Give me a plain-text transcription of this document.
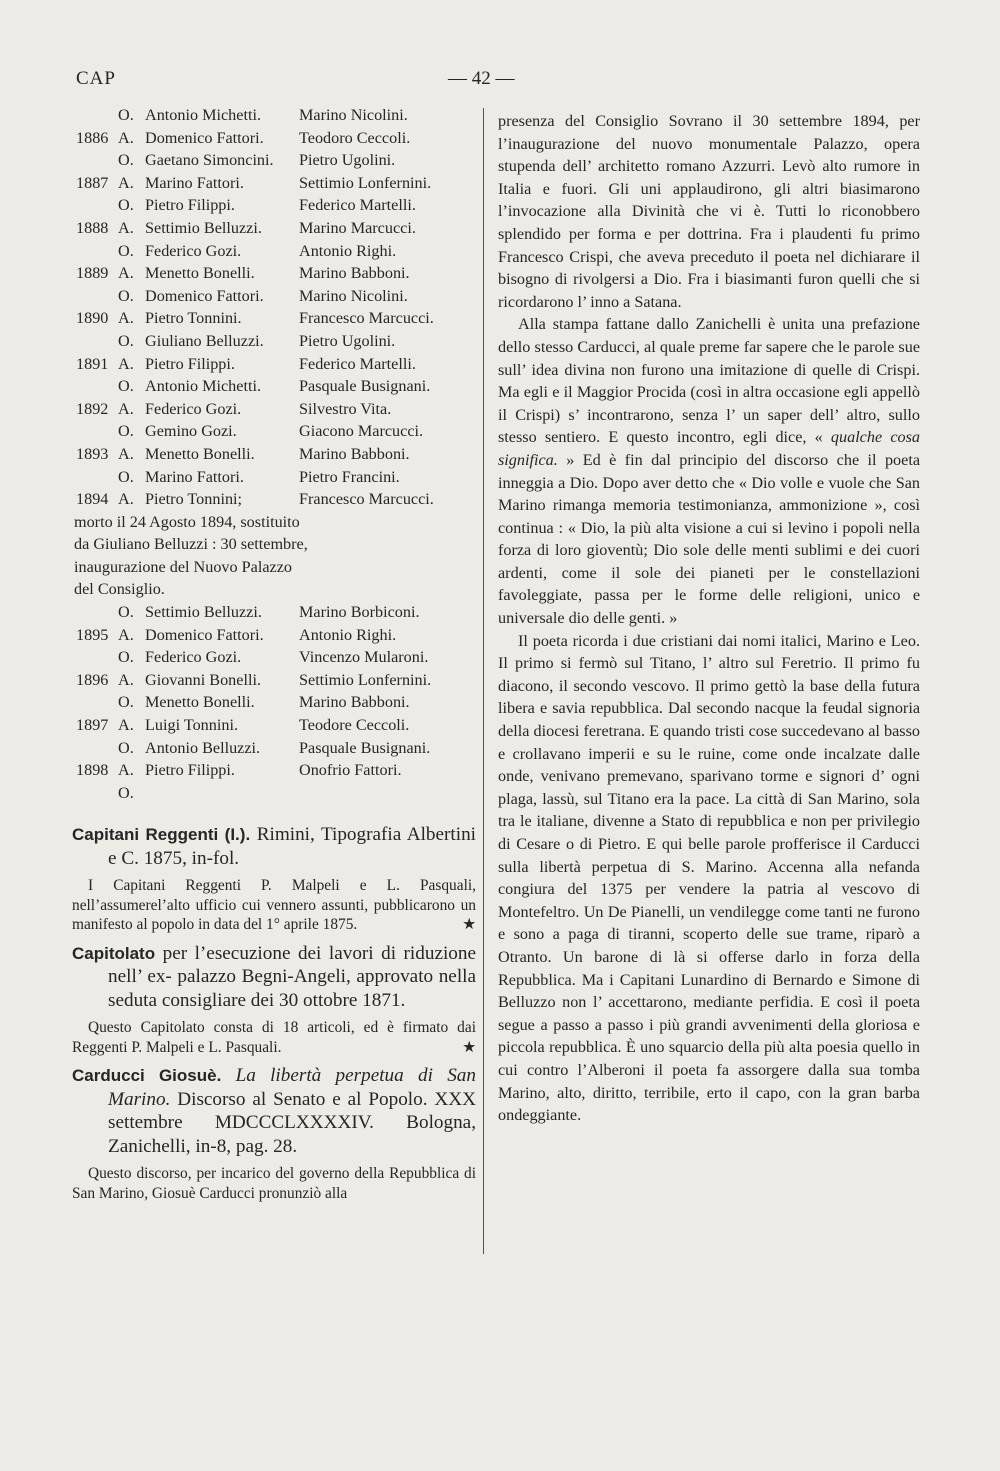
CAP	— 42 —
O. Antonio Michetti. Marino Nicolini.
1886 A. Domenico Fattori. Teodoro Ceccoli.
O. Gaetano Simoncini. Pietro Ugolini.
1887 A. Marino Fattori.	Settimio Lonfernini.
O. Pietro Filippi.	Federico Martelli.
1888 A. Settimio Belluzzi. Marino Marcucci.
O. Federico Gozi.	Antonio Righi.
1889 A. Menetto Bonelli.	Marino Babboni.
O. Domenico Fattori. Marino Nicolini.
1890 A. Pietro Tonnini.	Francesco Marcucci.
O. Giuliano Belluzzi. Pietro Ugolini.
1891 A. Pietro Filippi.	Federico Martelli.
O. Antonio Michetti. Pasquale Busignani.
1892 A. Federico Gozi.	Silvestro Vita.
O. Gemino Gozi.	Giacono Marcucci.
1893 A. Menetto Bonelli.	Marino Babboni.
O. Marino Fattori.	Pietro Francini.
1894 A. Pietro Tonnini;	Francesco Marcucci.
morto il 24 Agosto 1894, sostituito da Giuliano Belluzzi : 30 settembre, inaugurazione del Nuovo Palazzo del Consiglio.
O. Settimio Belluzzi. Marino Borbiconi.
1895 A. Domenico Fattori. Antonio Righi.
O. Federico Gozi.	Vincenzo Mularoni.
1896 A. Giovanni Bonelli. Settimio Lonfernini.
O. Menetto Bonelli.	Marino Babboni.
1897 A. Luigi Tonnini.	Teodore Ceccoli.
O. Antonio Belluzzi. Pasquale Busignani.
1898 A. Pietro Filippi.	Onofrio Fattori.
O.
Capitani Reggenti (I.). Rimini, Tipografia Albertini e C. 1875, in-fol.
I Capitani Reggenti P. Malpeli e L. Pasquali, nell’assumerel’alto ufficio cui vennero assunti, pubblicarono un manifesto al popolo in data del 1° aprile 1875.	★
Capitolato per l’esecuzione dei lavori di riduzione nell’ ex- palazzo Begni-Angeli, approvato nella seduta consigliare dei 30 ottobre 1871.
Questo Capitolato consta di 18 articoli, ed è firmato dai Reggenti P. Malpeli e L. Pasquali.	★
Carducci Giosuè. La libertà perpetua di San Marino. Discorso al Senato e al Popolo. XXX settembre MDCCCLXXXXIV. Bologna, Zanichelli, in-8, pag. 28.
Questo discorso, per incarico del governo della Repubblica di San Marino, Giosuè Carducci pronunziò alla

presenza del Consiglio Sovrano il 30 settembre 1894, per l’inaugurazione del nuovo monumentale Palazzo, opera stupenda dell’ architetto romano Azzurri. Levò alto rumore in Italia e fuori. Gli uni applaudirono, gli altri biasimarono l’invocazione alla Divinità che vi è. Tutti lo riconobbero splendido per forma e per dottrina. Fra i plaudenti fu primo Francesco Crispi, che aveva preceduto il poeta nel dichiarare il bisogno di rivolgersi a Dio. Fra i biasimanti furon quelli che si ricordarono l’ inno a Satana.

Alla stampa fattane dallo Zanichelli è unita una prefazione dello stesso Carducci, al quale preme far sapere che le parole sue sull’ idea divina non furono una imitazione di quelle di Crispi. Ma egli e il Maggior Procida (così in altra occasione egli appellò il Crispi) s’ incontrarono, senza l’ un saper dell’ altro, sullo stesso sentiero. E questo incontro, egli dice, « qualche cosa significa. » Ed è fin dal principio del discorso che il poeta inneggia a Dio. Dopo aver detto che « Dio volle e vuole che San Marino rimanga memoria testimonianza, ammonizione », così continua : « Dio, la più alta visione a cui si levino i popoli nella forza di loro gioventù; Dio sole delle menti sublimi e dei cuori ardenti, come il sole dei pianeti per le constellazioni favoleggiate, passa per le forme delle religioni, unico e universale dio delle genti. »

Il poeta ricorda i due cristiani dai nomi italici, Marino e Leo. Il primo si fermò sul Titano, l’ altro sul Feretrio. Il primo fu diacono, il secondo vescovo. Il primo gettò la base della futura libera e savia repubblica. Dal secondo nacque la feudal signoria della diocesi feretrana. E quando tristi cose succedevano al basso e crollavano imperii e su le ruine, come onde incalzate dalle onde, venivano premevano, sparivano torme e signori d’ ogni plaga, lassù, sul Titano era la pace. La città di San Marino, sola tra le italiane, divenne a Stato di repubblica e non per privilegio di Cesare o di Pietro. E qui belle parole profferisce il Carducci sulla libertà perpetua di S. Marino. Accenna alla nefanda congiura del 1375 per vendere la patria al vescovo di Montefeltro. Un De Pianelli, un vendilegge come tanti ne furono e sono a paga di tiranni, scoperto delle sue trame, riparò a Otranto. Un barone di là si offerse darlo in forza della Repubblica. Ma i Capitani Lunardino di Bernardo e Simone di Belluzzo non l’ accettarono, mediante perfidia. E così il poeta segue a passo a passo i più grandi avvenimenti della gloriosa e piccola repubblica. È uno squarcio della più alta poesia quello in cui contro l’Alberoni il poeta fa assorgere dalla sua tomba Marino, alto, diritto, terribile, erto il capo, con la gran barba ondeggiante.
